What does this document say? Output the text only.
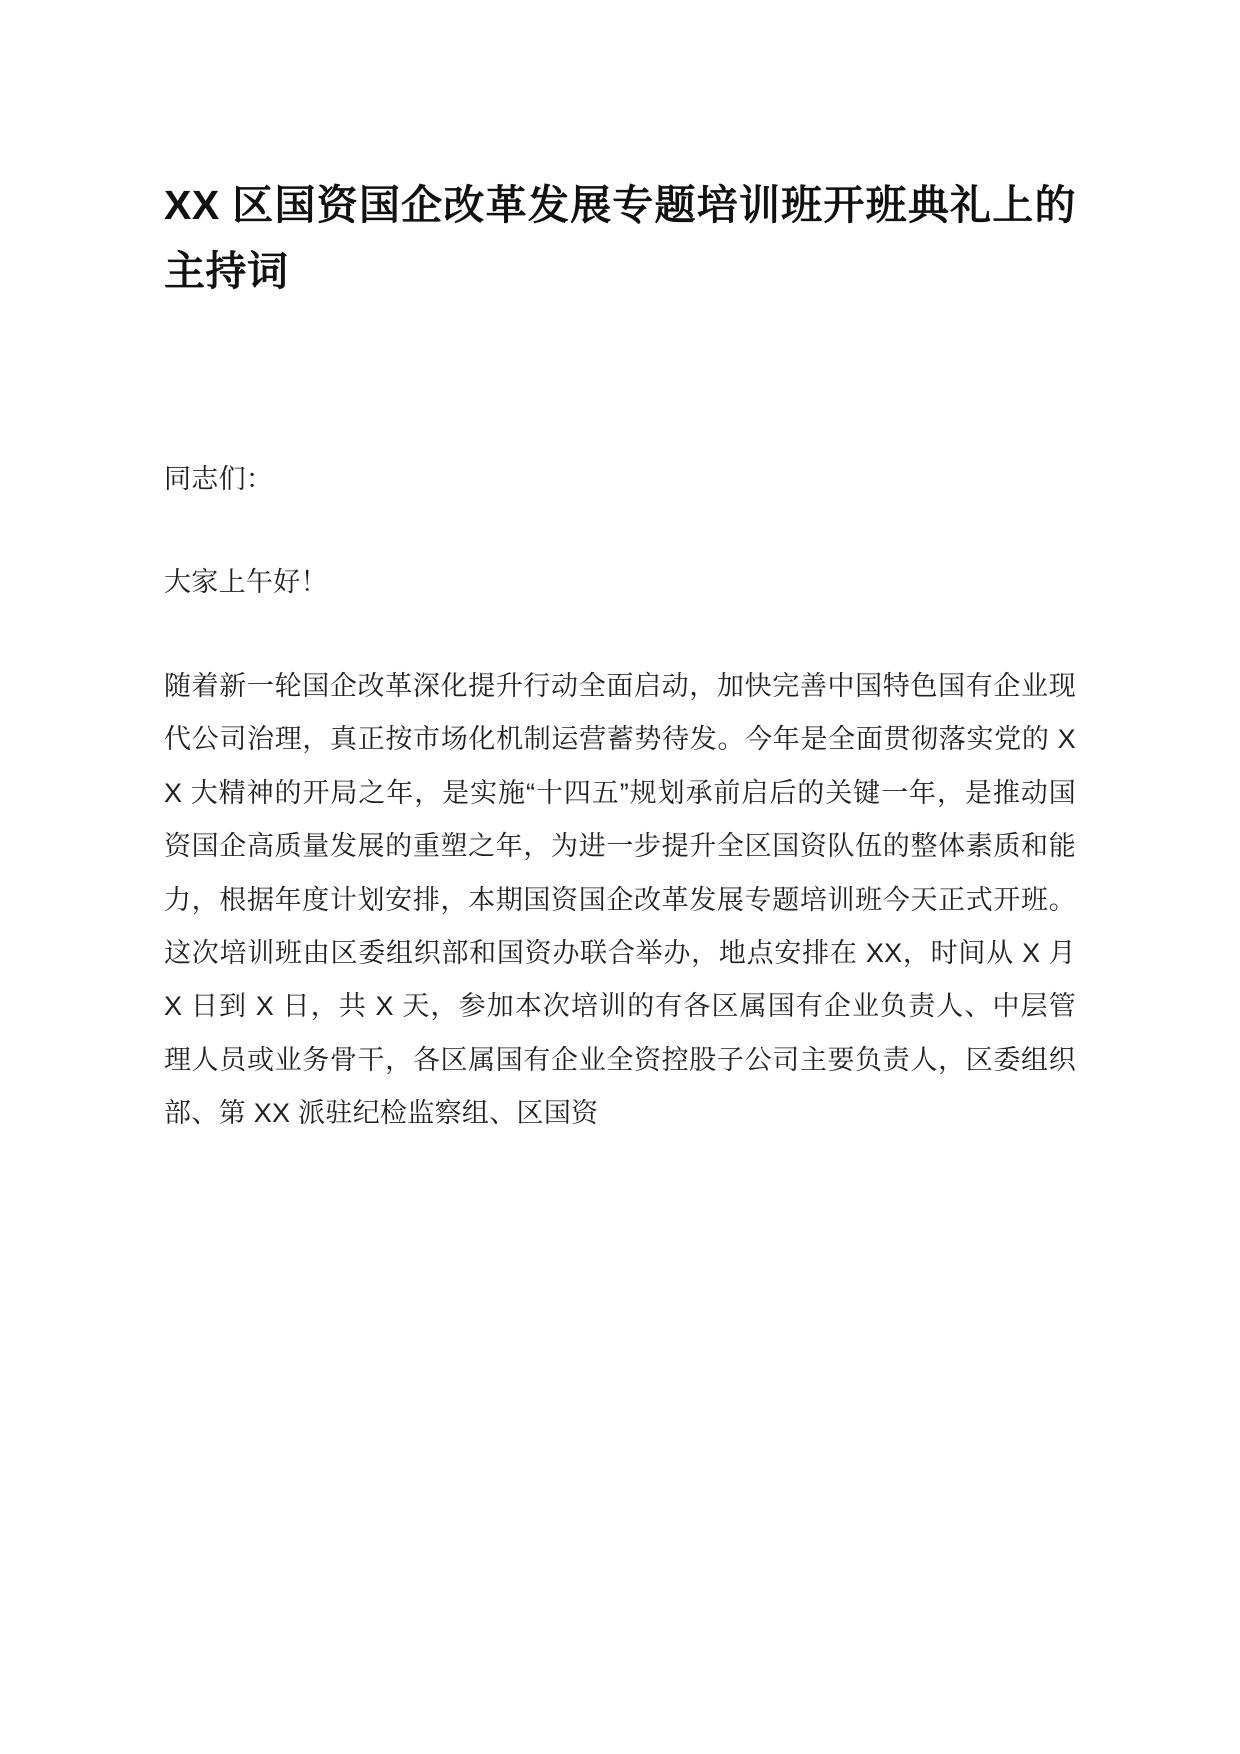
XX 区国资国企改革发展专题培训班开班典礼上的主持词

同志们：

大家上午好！

随着新一轮国企改革深化提升行动全面启动，加快完善中国特色国有企业现代公司治理，真正按市场化机制运营蓄势待发。今年是全面贯彻落实党的 XX 大精神的开局之年，是实施“十四五”规划承前启后的关键一年，是推动国资国企高质量发展的重塑之年，为进一步提升全区国资队伍的整体素质和能力，根据年度计划安排，本期国资国企改革发展专题培训班今天正式开班。这次培训班由区委组织部和国资办联合举办，地点安排在 XX，时间从 X 月 X 日到 X 日，共 X 天，参加本次培训的有各区属国有企业负责人、中层管理人员或业务骨干，各区属国有企业全资控股子公司主要负责人，区委组织部、第 XX 派驻纪检监察组、区国资
